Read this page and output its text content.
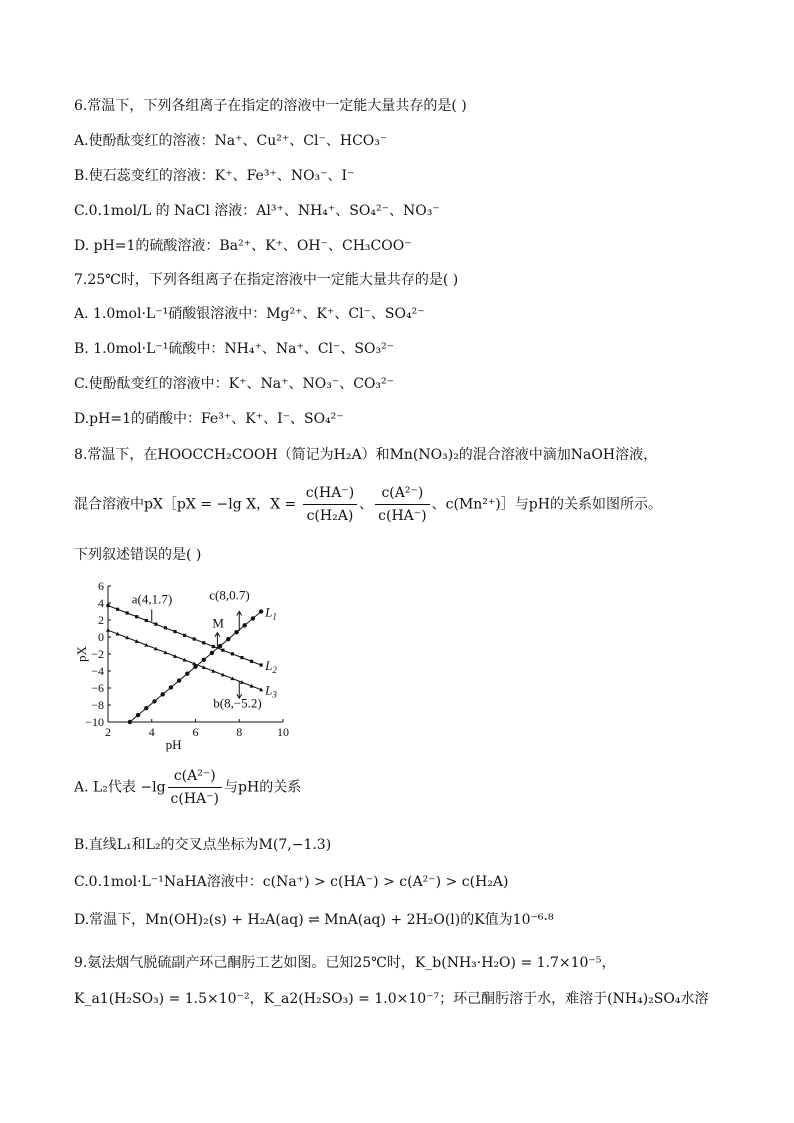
6.常温下，下列各组离子在指定的溶液中一定能大量共存的是( )
A.使酚酞变红的溶液：Na⁺、Cu²⁺、Cl⁻、HCO₃⁻
B.使石蕊变红的溶液：K⁺、Fe³⁺、NO₃⁻、I⁻
C.0.1mol/L 的 NaCl 溶液：Al³⁺、NH₄⁺、SO₄²⁻、NO₃⁻
D. pH=1的硫酸溶液：Ba²⁺、K⁺、OH⁻、CH₃COO⁻
7.25℃时，下列各组离子在指定溶液中一定能大量共存的是( )
A. 1.0mol·L⁻¹硝酸银溶液中：Mg²⁺、K⁺、Cl⁻、SO₄²⁻
B. 1.0mol·L⁻¹硫酸中：NH₄⁺、Na⁺、Cl⁻、SO₃²⁻
C.使酚酞变红的溶液中：K⁺、Na⁺、NO₃⁻、CO₃²⁻
D.pH=1的硝酸中：Fe³⁺、K⁺、I⁻、SO₄²⁻
8.常温下，在HOOCCH₂COOH（简记为H₂A）和Mn(NO₃)₂的混合溶液中滴加NaOH溶液，
混合溶液中pX［pX = −lg X，$X = \frac{c(HA^-)}{\text{c(H₂A)}}$ 、 $\frac{\text{c(A²⁻)}}{c(HA^-)}$ 、c(Mn²⁺)］与pH的关系如图所示。
下列叙述错误的是( )
6
4
2
0
−2
−4
−6
−8
−10
2	4	6	8	10
pH
pX
$L_1$
$L_2$
$L_3$
a(4,1.7)	c(8,0.7)
M
b(8,−5.2)
A. L₂代表 $-\lg \frac{\text{c(A²⁻)}}{c(HA^-)}$ 与pH的关系
B.直线L₁和L₂的交叉点坐标为M(7,−1.3)
C.0.1mol·L⁻¹NaHA溶液中：c(Na⁺) > c(HA⁻) > c(A²⁻) > c(H₂A)
D.常温下，Mn(OH)₂(s) + H₂A(aq) ⇌ MnA(aq) + 2H₂O(l)的K值为10⁻⁶·⁸
9.氨法烟气脱硫副产环己酮肟工艺如图。已知25℃时，K_b(NH₃·H₂O) = 1.7×10⁻⁵，
K_a1(H₂SO₃) = 1.5×10⁻²，K_a2(H₂SO₃) = 1.0×10⁻⁷；环己酮肟溶于水，难溶于(NH₄)₂SO₄水溶
